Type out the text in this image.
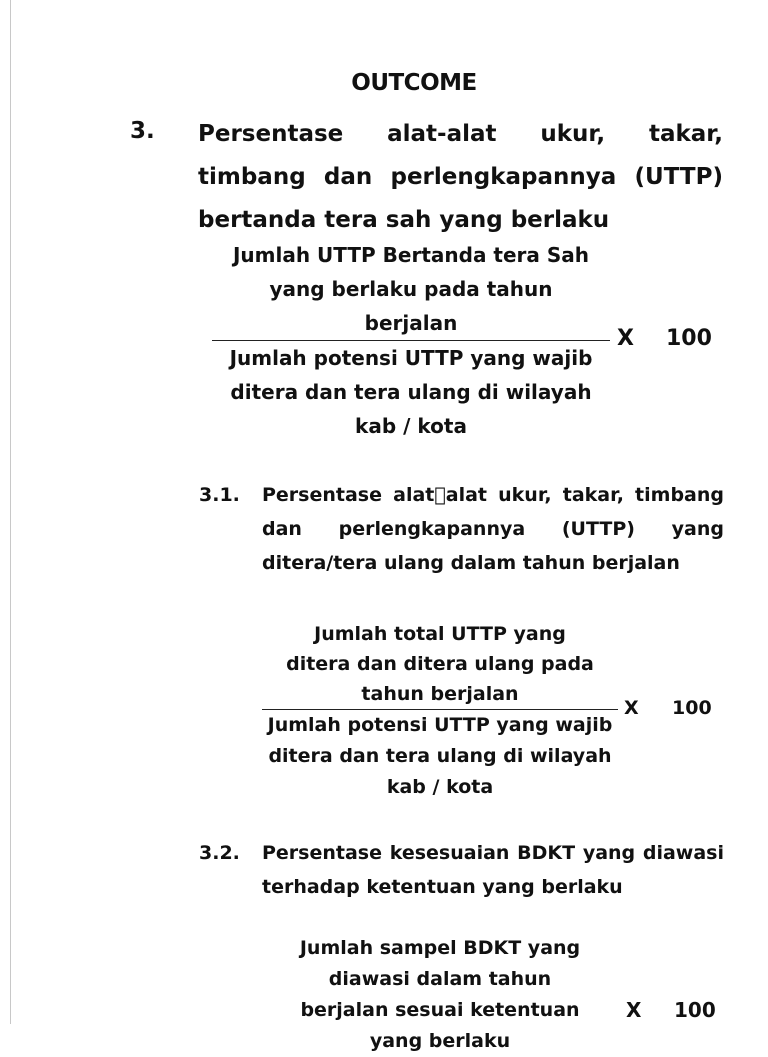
OUTCOME
3. Persentase alat-alat ukur, takar, timbang dan perlengkapannya (UTTP) bertanda tera sah yang berlaku
Jumlah UTTP Bertanda tera Sah yang berlaku pada tahun berjalan
Jumlah potensi UTTP yang wajib ditera dan tera ulang di wilayah kab / kota
X 100
3.1. Persentase alat alat ukur, takar, timbang dan perlengkapannya (UTTP) yang ditera/tera ulang dalam tahun berjalan
Jumlah total UTTP yang ditera dan ditera ulang pada tahun berjalan
Jumlah potensi UTTP yang wajib ditera dan tera ulang di wilayah kab / kota
X 100
3.2. Persentase kesesuaian BDKT yang diawasi terhadap ketentuan yang berlaku
Jumlah sampel BDKT yang diawasi dalam tahun berjalan sesuai ketentuan yang berlaku
X 100
